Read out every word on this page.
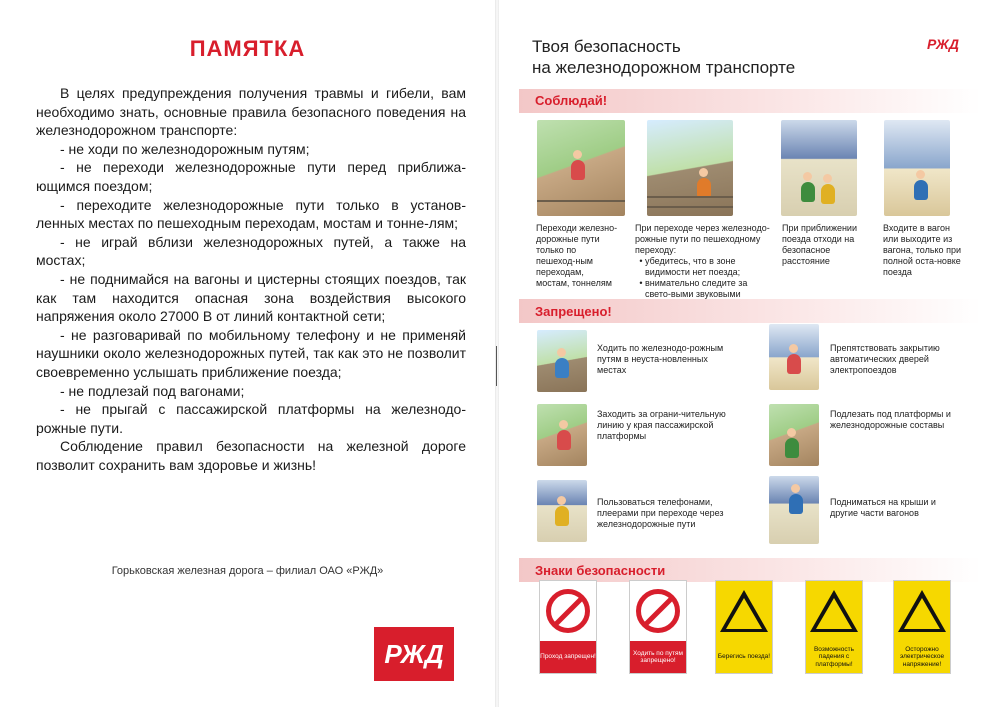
ПАМЯТКА

В целях предупреждения получения травмы и гибели, вам необходимо знать, основные правила безопасного поведения на железнодорожном транспорте:

- не ходи по железнодорожным путям;

- не переходи железнодорожные пути перед приближа-ющимся поездом;

- переходите железнодорожные пути только в установ-ленных местах по пешеходным переходам, мостам и тонне-лям;

- не играй вблизи железнодорожных путей, а также на мостах;

- не поднимайся на вагоны и цистерны стоящих поездов, так как там находится опасная зона воздействия высокого напряжения около 27000 В от линий контактной сети;

- не разговаривай по мобильному телефону и не применяй наушники около железнодорожных путей, так как это не позволит своевременно услышать приближение поезда;

- не подлезай под вагонами;

- не прыгай с пассажирской платформы на железнодо-рожные пути.

Соблюдение правил безопасности на железной дороге позволит сохранить вам здоровье и жизнь!

Горьковская железная дорога – филиал ОАО «РЖД»
РЖД
Твоя безопасность
на железнодорожном транспорте
РЖД
Соблюдай!
Переходи железно-дорожные пути только по пешеход-ным переходам, мостам, тоннелям
При переходе через железнодо-рожные пути по пешеходному переходу:
• убедитесь, что в зоне видимости нет поезда;
• внимательно следите за свето-выми звуковыми
При приближении поезда отходи на безопасное расстояние
Входите в вагон или выходите из вагона, только при полной оста-новке поезда
Запрещено!
Ходить по железнодо-рожным путям в неуста-новленных местах
Заходить за ограни-чительную линию у края пассажирской платформы
Пользоваться телефонами, плеерами при переходе через железнодорожные пути
Препятствовать закрытию автоматических дверей электропоездов
Подлезать под платформы и железнодорожные составы
Подниматься на крыши и другие части вагонов
Знаки безопасности
Проход запрещен!
Ходить по путям запрещено!
Берегись поезда!
Возможность падения с платформы!
Осторожно электрическое напряжение!
